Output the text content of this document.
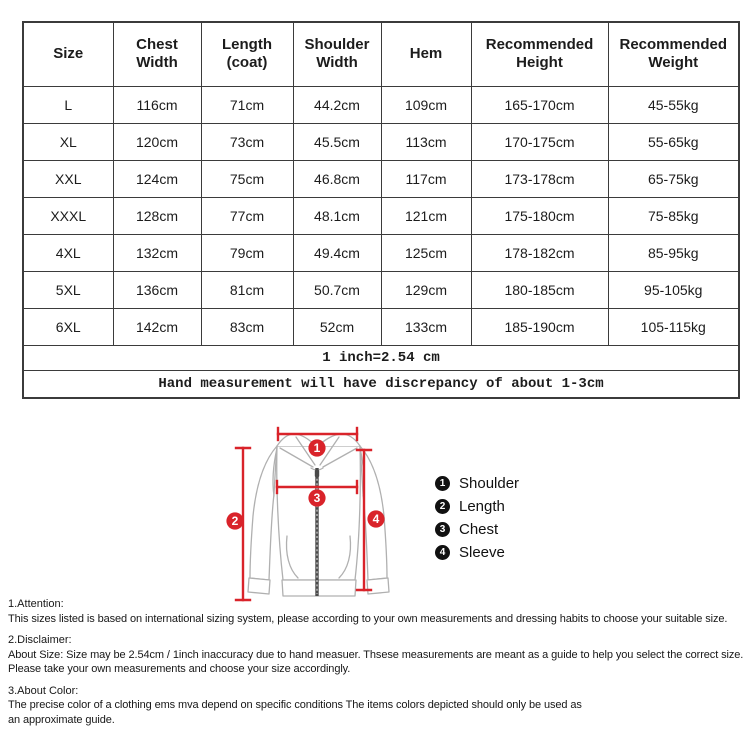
Size	Chest Width	Length (coat)	Shoulder Width	Hem	Recommended Height	Recommended Weight
L	116cm	71cm	44.2cm	109cm	165-170cm	45-55kg
XL	120cm	73cm	45.5cm	113cm	170-175cm	55-65kg
XXL	124cm	75cm	46.8cm	117cm	173-178cm	65-75kg
XXXL	128cm	77cm	48.1cm	121cm	175-180cm	75-85kg
4XL	132cm	79cm	49.4cm	125cm	178-182cm	85-95kg
5XL	136cm	81cm	50.7cm	129cm	180-185cm	95-105kg
6XL	142cm	83cm	52cm	133cm	185-190cm	105-115kg
1 inch=2.54 cm						
Hand measurement will have discrepancy of about 1-3cm						
1
2
3
4
1 Shoulder
2 Length
3 Chest
4 Sleeve
1.Attention:
This sizes listed is based on international sizing system, please according to your own measurements and dressing habits to choose your suitable size.
2.Disclaimer:
About Size: Size may be 2.54cm / 1inch inaccuracy due to hand measuer. Thsese measurements are meant as a guide to help you select the correct size.
Please take your own measurements and choose your size accordingly.
3.About Color:
The precise color of a clothing ems mva depend on specific conditions The items colors depicted should only be used as
an approximate guide.
